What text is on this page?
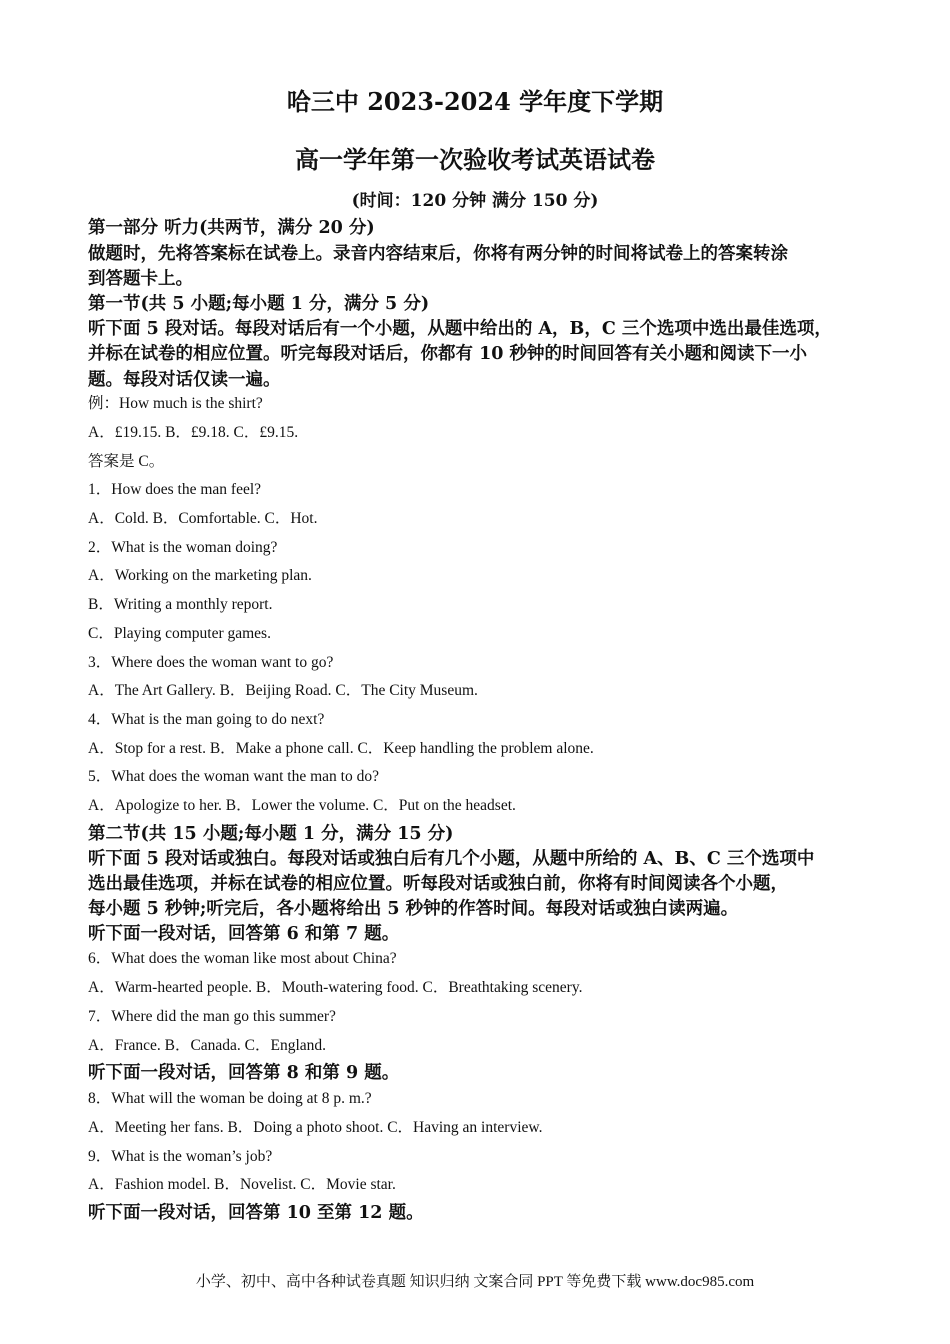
哈三中 2023-2024 学年度下学期
高一学年第一次验收考试英语试卷
(时间：120 分钟 满分 150 分)
第一部分 听力(共两节，满分 20 分)
做题时，先将答案标在试卷上。录音内容结束后，你将有两分钟的时间将试卷上的答案转涂
到答题卡上。
第一节(共 5 小题;每小题 1 分，满分 5 分)
听下面 5 段对话。每段对话后有一个小题，从题中给出的 A，B，C 三个选项中选出最佳选项，
并标在试卷的相应位置。听完每段对话后，你都有 10 秒钟的时间回答有关小题和阅读下一小
题。每段对话仅读一遍。
例：How much is the shirt?
A．£19.15. B．£9.18. C．£9.15.
答案是 C。
1．How does the man feel?
A．Cold. B．Comfortable. C．Hot.
2．What is the woman doing?
A．Working on the marketing plan.
B．Writing a monthly report.
C．Playing computer games.
3．Where does the woman want to go?
A．The Art Gallery. B．Beijing Road. C．The City Museum.
4．What is the man going to do next?
A．Stop for a rest. B．Make a phone call. C．Keep handling the problem alone.
5．What does the woman want the man to do?
A．Apologize to her. B．Lower the volume. C．Put on the headset.
第二节(共 15 小题;每小题 1 分，满分 15 分)
听下面 5 段对话或独白。每段对话或独白后有几个小题，从题中所给的 A、B、C 三个选项中
选出最佳选项，并标在试卷的相应位置。听每段对话或独白前，你将有时间阅读各个小题，
每小题 5 秒钟;听完后，各小题将给出 5 秒钟的作答时间。每段对话或独白读两遍。
听下面一段对话，回答第 6 和第 7 题。
6．What does the woman like most about China?
A．Warm-hearted people. B．Mouth-watering food. C．Breathtaking scenery.
7．Where did the man go this summer?
A．France. B．Canada. C．England.
听下面一段对话，回答第 8 和第 9 题。
8．What will the woman be doing at 8 p. m.?
A．Meeting her fans. B．Doing a photo shoot. C．Having an interview.
9．What is the woman’s job?
A．Fashion model. B．Novelist. C．Movie star.
听下面一段对话，回答第 10 至第 12 题。
小学、初中、高中各种试卷真题 知识归纳 文案合同 PPT 等免费下载 www.doc985.com
